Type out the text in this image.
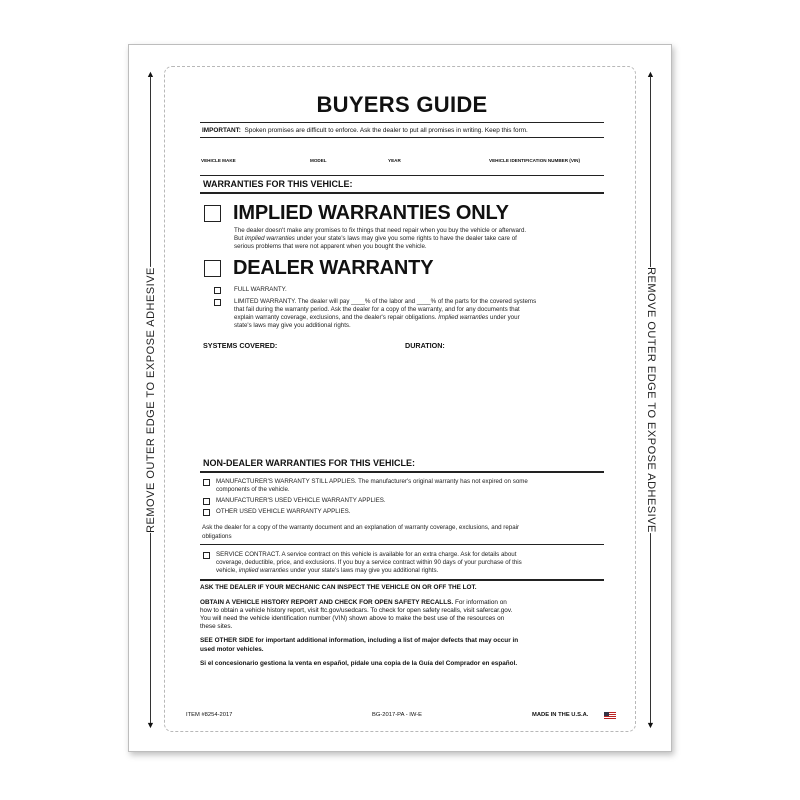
▲
REMOVE OUTER EDGE TO EXPOSE ADHESIVE
▼
▲
REMOVE OUTER EDGE TO EXPOSE ADHESIVE
▼
BUYERS GUIDE
IMPORTANT: Spoken promises are difficult to enforce. Ask the dealer to put all promises in writing. Keep this form.
VEHICLE MAKE	MODEL	YEAR	VEHICLE IDENTIFICATION NUMBER (VIN)
WARRANTIES FOR THIS VEHICLE:
IMPLIED WARRANTIES ONLY
The dealer doesn't make any promises to fix things that need repair when you buy the vehicle or afterward.
But implied warranties under your state's laws may give you some rights to have the dealer take care of
serious problems that were not apparent when you bought the vehicle.
DEALER WARRANTY
FULL WARRANTY.
LIMITED WARRANTY. The dealer will pay ____% of the labor and ____% of the parts for the covered systems
that fail during the warranty period. Ask the dealer for a copy of the warranty, and for any documents that
explain warranty coverage, exclusions, and the dealer's repair obligations. Implied warranties under your
state's laws may give you additional rights.
SYSTEMS COVERED:	DURATION:
NON-DEALER WARRANTIES FOR THIS VEHICLE:
MANUFACTURER'S WARRANTY STILL APPLIES. The manufacturer's original warranty has not expired on some
components of the vehicle.
MANUFACTURER'S USED VEHICLE WARRANTY APPLIES.
OTHER USED VEHICLE WARRANTY APPLIES.
Ask the dealer for a copy of the warranty document and an explanation of warranty coverage, exclusions, and repair
obligations
SERVICE CONTRACT. A service contract on this vehicle is available for an extra charge. Ask for details about
coverage, deductible, price, and exclusions. If you buy a service contract within 90 days of your purchase of this
vehicle, implied warranties under your state's laws may give you additional rights.
ASK THE DEALER IF YOUR MECHANIC CAN INSPECT THE VEHICLE ON OR OFF THE LOT.
OBTAIN A VEHICLE HISTORY REPORT AND CHECK FOR OPEN SAFETY RECALLS. For information on
how to obtain a vehicle history report, visit ftc.gov/usedcars. To check for open safety recalls, visit safercar.gov.
You will need the vehicle identification number (VIN) shown above to make the best use of the resources on
these sites.
SEE OTHER SIDE for important additional information, including a list of major defects that may occur in
used motor vehicles.
Si el concesionario gestiona la venta en español, pídale una copia de la Guía del Comprador en español.
ITEM #8254-2017	BG-2017-PA - IW-E	MADE IN THE U.S.A.
